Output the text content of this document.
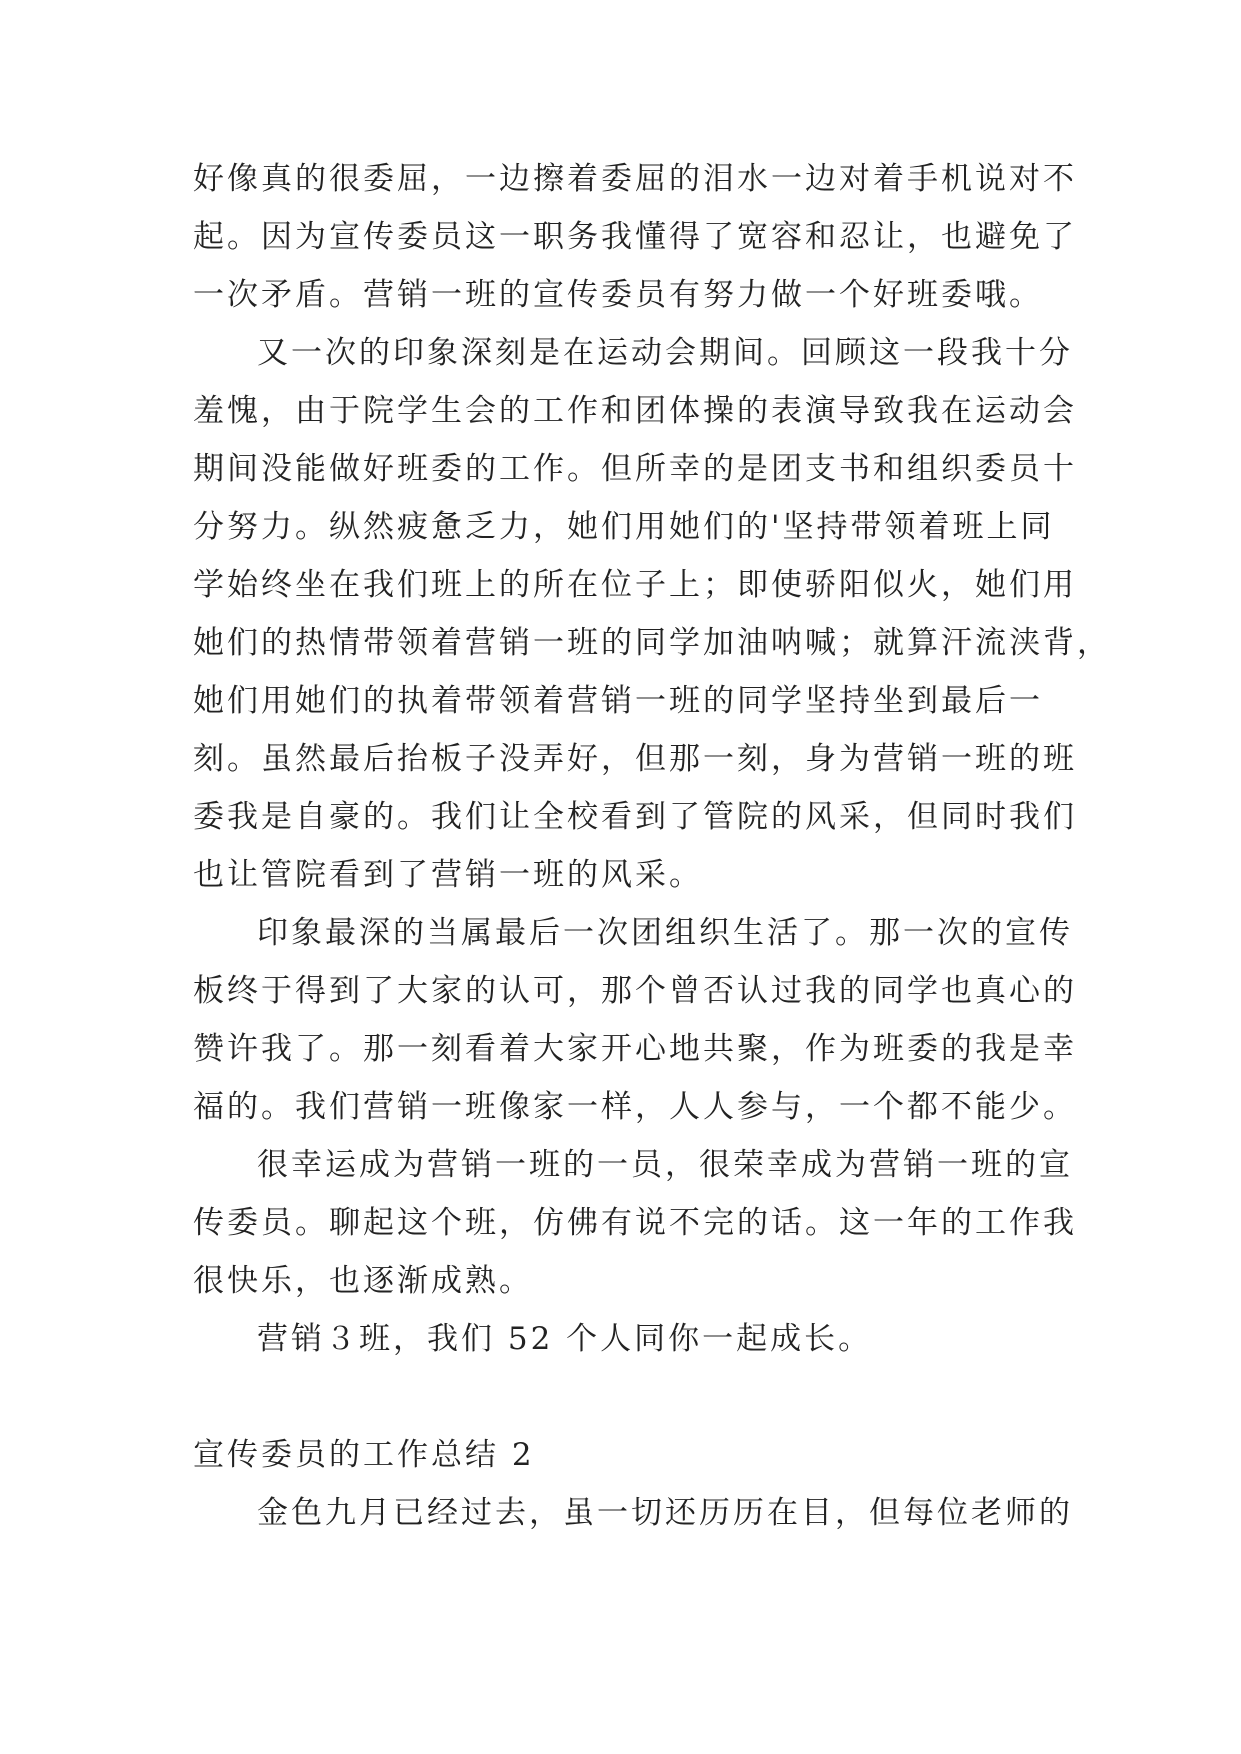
好像真的很委屈，一边擦着委屈的泪水一边对着手机说对不
起。因为宣传委员这一职务我懂得了宽容和忍让，也避免了
一次矛盾。营销一班的宣传委员有努力做一个好班委哦。
又一次的印象深刻是在运动会期间。回顾这一段我十分
羞愧，由于院学生会的工作和团体操的表演导致我在运动会
期间没能做好班委的工作。但所幸的是团支书和组织委员十
分努力。纵然疲惫乏力，她们用她们的'坚持带领着班上同
学始终坐在我们班上的所在位子上；即使骄阳似火，她们用
她们的热情带领着营销一班的同学加油呐喊；就算汗流浃背，
她们用她们的执着带领着营销一班的同学坚持坐到最后一
刻。虽然最后抬板子没弄好，但那一刻，身为营销一班的班
委我是自豪的。我们让全校看到了管院的风采，但同时我们
也让管院看到了营销一班的风采。
印象最深的当属最后一次团组织生活了。那一次的宣传
板终于得到了大家的认可，那个曾否认过我的同学也真心的
赞许我了。那一刻看着大家开心地共聚，作为班委的我是幸
福的。我们营销一班像家一样，人人参与，一个都不能少。
很幸运成为营销一班的一员，很荣幸成为营销一班的宣
传委员。聊起这个班，仿佛有说不完的话。这一年的工作我
很快乐，也逐渐成熟。
营销３班，我们 52 个人同你一起成长。
宣传委员的工作总结 2
金色九月已经过去，虽一切还历历在目，但每位老师的
